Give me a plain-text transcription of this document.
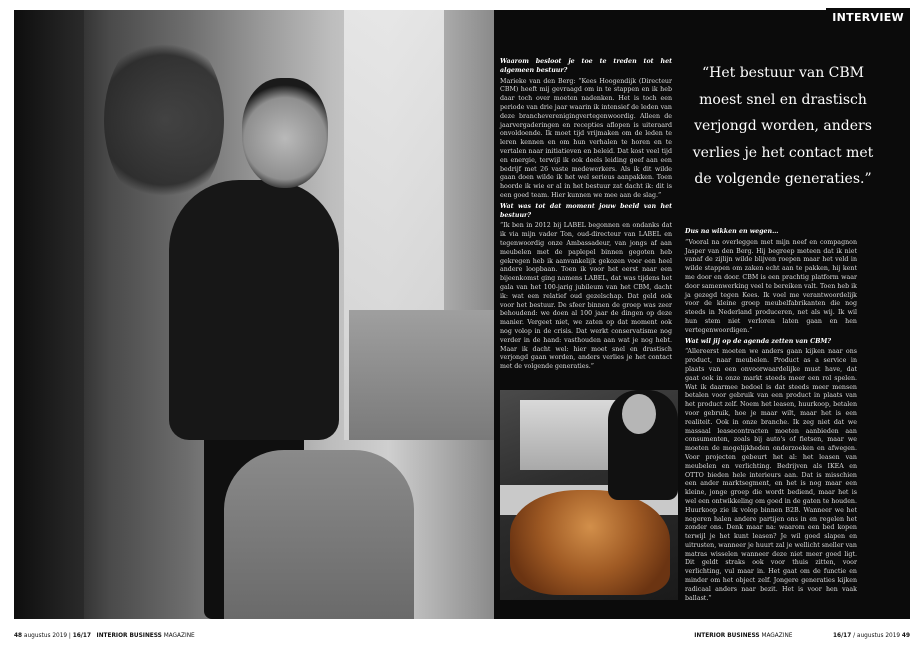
INTERVIEW

Waarom besloot je toe te treden tot het algemeen bestuur?

Marieke van den Berg: “Kees Hoogendijk (Directeur CBM) heeft mij gevraagd om in te stappen en ik heb daar toch over moeten nadenken. Het is toch een periode van drie jaar waarin ik intensief de leden van deze brancheverenigingvertegenwoordig. Alleen de jaarvergaderingen en recepties aflopen is uiteraard onvoldoende. Ik moet tijd vrijmaken om de leden te leren kennen en om hun verhalen te horen en te vertalen naar initiatieven en beleid. Dat kost veel tijd en energie, terwijl ik ook deels leiding geef aan een bedrijf met 26 vaste medewerkers. Als ik dit wilde gaan doen wilde ik het wel serieus aanpakken. Toen hoorde ik wie er al in het bestuur zat dacht ik: dit is een goed team. Hier kunnen we mee aan de slag.”

Wat was tot dat moment jouw beeld van het bestuur?

“Ik ben in 2012 bij LABEL begonnen en ondanks dat ik via mijn vader Ton, oud-directeur van LABEL en tegenwoordig onze Ambassadeur, van jongs af aan meubelen met de paplepel binnen gegoten heb gekregen heb ik aanvankelijk gekozen voor een heel andere loopbaan. Toen ik voor het eerst naar een bijeenkomst ging namens LABEL, dat was tijdens het gala van het 100-jarig jubileum van het CBM, dacht ik: wat een relatief oud gezelschap. Dat geld ook voor het bestuur. De sfeer binnen de groep was zeer behoudend: we doen al 100 jaar de dingen op deze manier. Vergeet niet, we zaten op dat moment ook nog volop in de crisis. Dat werkt conservatisme nog verder in de hand: vasthouden aan wat je nog hebt. Maar ik dacht wel: hier moet snel en drastisch verjongd gaan worden, anders verlies je het contact met de volgende generaties.”

“Het bestuur van CBM moest snel en drastisch verjongd worden, anders verlies je het contact met de volgende generaties.”

Dus na wikken en wegen…

“Vooral na overleggen met mijn neef en compagnon Jasper van den Berg. Hij begreep meteen dat ik niet vanaf de zijlijn wilde blijven roepen maar het veld in wilde stappen om zaken echt aan te pakken, hij kent me door en door. CBM is een prachtig platform waar door samenwerking veel te bereiken valt. Toen heb ik ja gezegd tegen Kees. Ik voel me verantwoordelijk voor de kleine groep meubelfabrikanten die nog steeds in Nederland produceren, net als wij. Ik wil hun stem niet verloren laten gaan en hen vertegenwoordigen.”

Wat wil jij op de agenda zetten van CBM?

“Allereerst moeten we anders gaan kijken naar ons product, naar meubelen. Product as a service in plaats van een onvoorwaardelijke must have, dat gaat ook in onze markt steeds meer een rol spelen. Wat ik daarmee bedoel is dat steeds meer mensen betalen voor gebruik van een product in plaats van het product zelf. Noem het leasen, huurkoop, betalen voor gebruik, hoe je maar wilt, maar het is een realiteit. Ook in onze branche. Ik zeg niet dat we massaal leasecontracten moeten aanbieden aan consumenten, zoals bij auto's of fietsen, maar we moeten de mogelijkheden onderzoeken en afwegen. Voor projecten gebeurt het al: het leasen van meubelen en verlichting. Bedrijven als IKEA en OTTO bieden hele interieurs aan. Dat is misschien een ander marktsegment, en het is nog maar een kleine, jonge groep die wordt bediend, maar het is wel een ontwikkeling om goed in de gaten te houden. Huurkoop zie ik volop binnen B2B. Wanneer we het negeren halen andere partijen ons in en regelen het zonder ons. Denk maar na: waarom een bed kopen terwijl je het kunt leasen? Je wil goed slapen en uitrusten, wanneer je huurt zal je wellicht sneller van matras wisselen wanneer deze niet meer goed ligt. Dit geldt straks ook voor thuis zitten, voor verlichting, vul maar in. Het gaat om de functie en minder om het object zelf. Jongere generaties kijken radicaal anders naar bezit. Het is voor hen vaak ballast.”

48 augustus 2019 | 16/17 INTERIOR BUSINESS MAGAZINE	INTERIOR BUSINESS MAGAZINE	16/17 / augustus 2019 49
